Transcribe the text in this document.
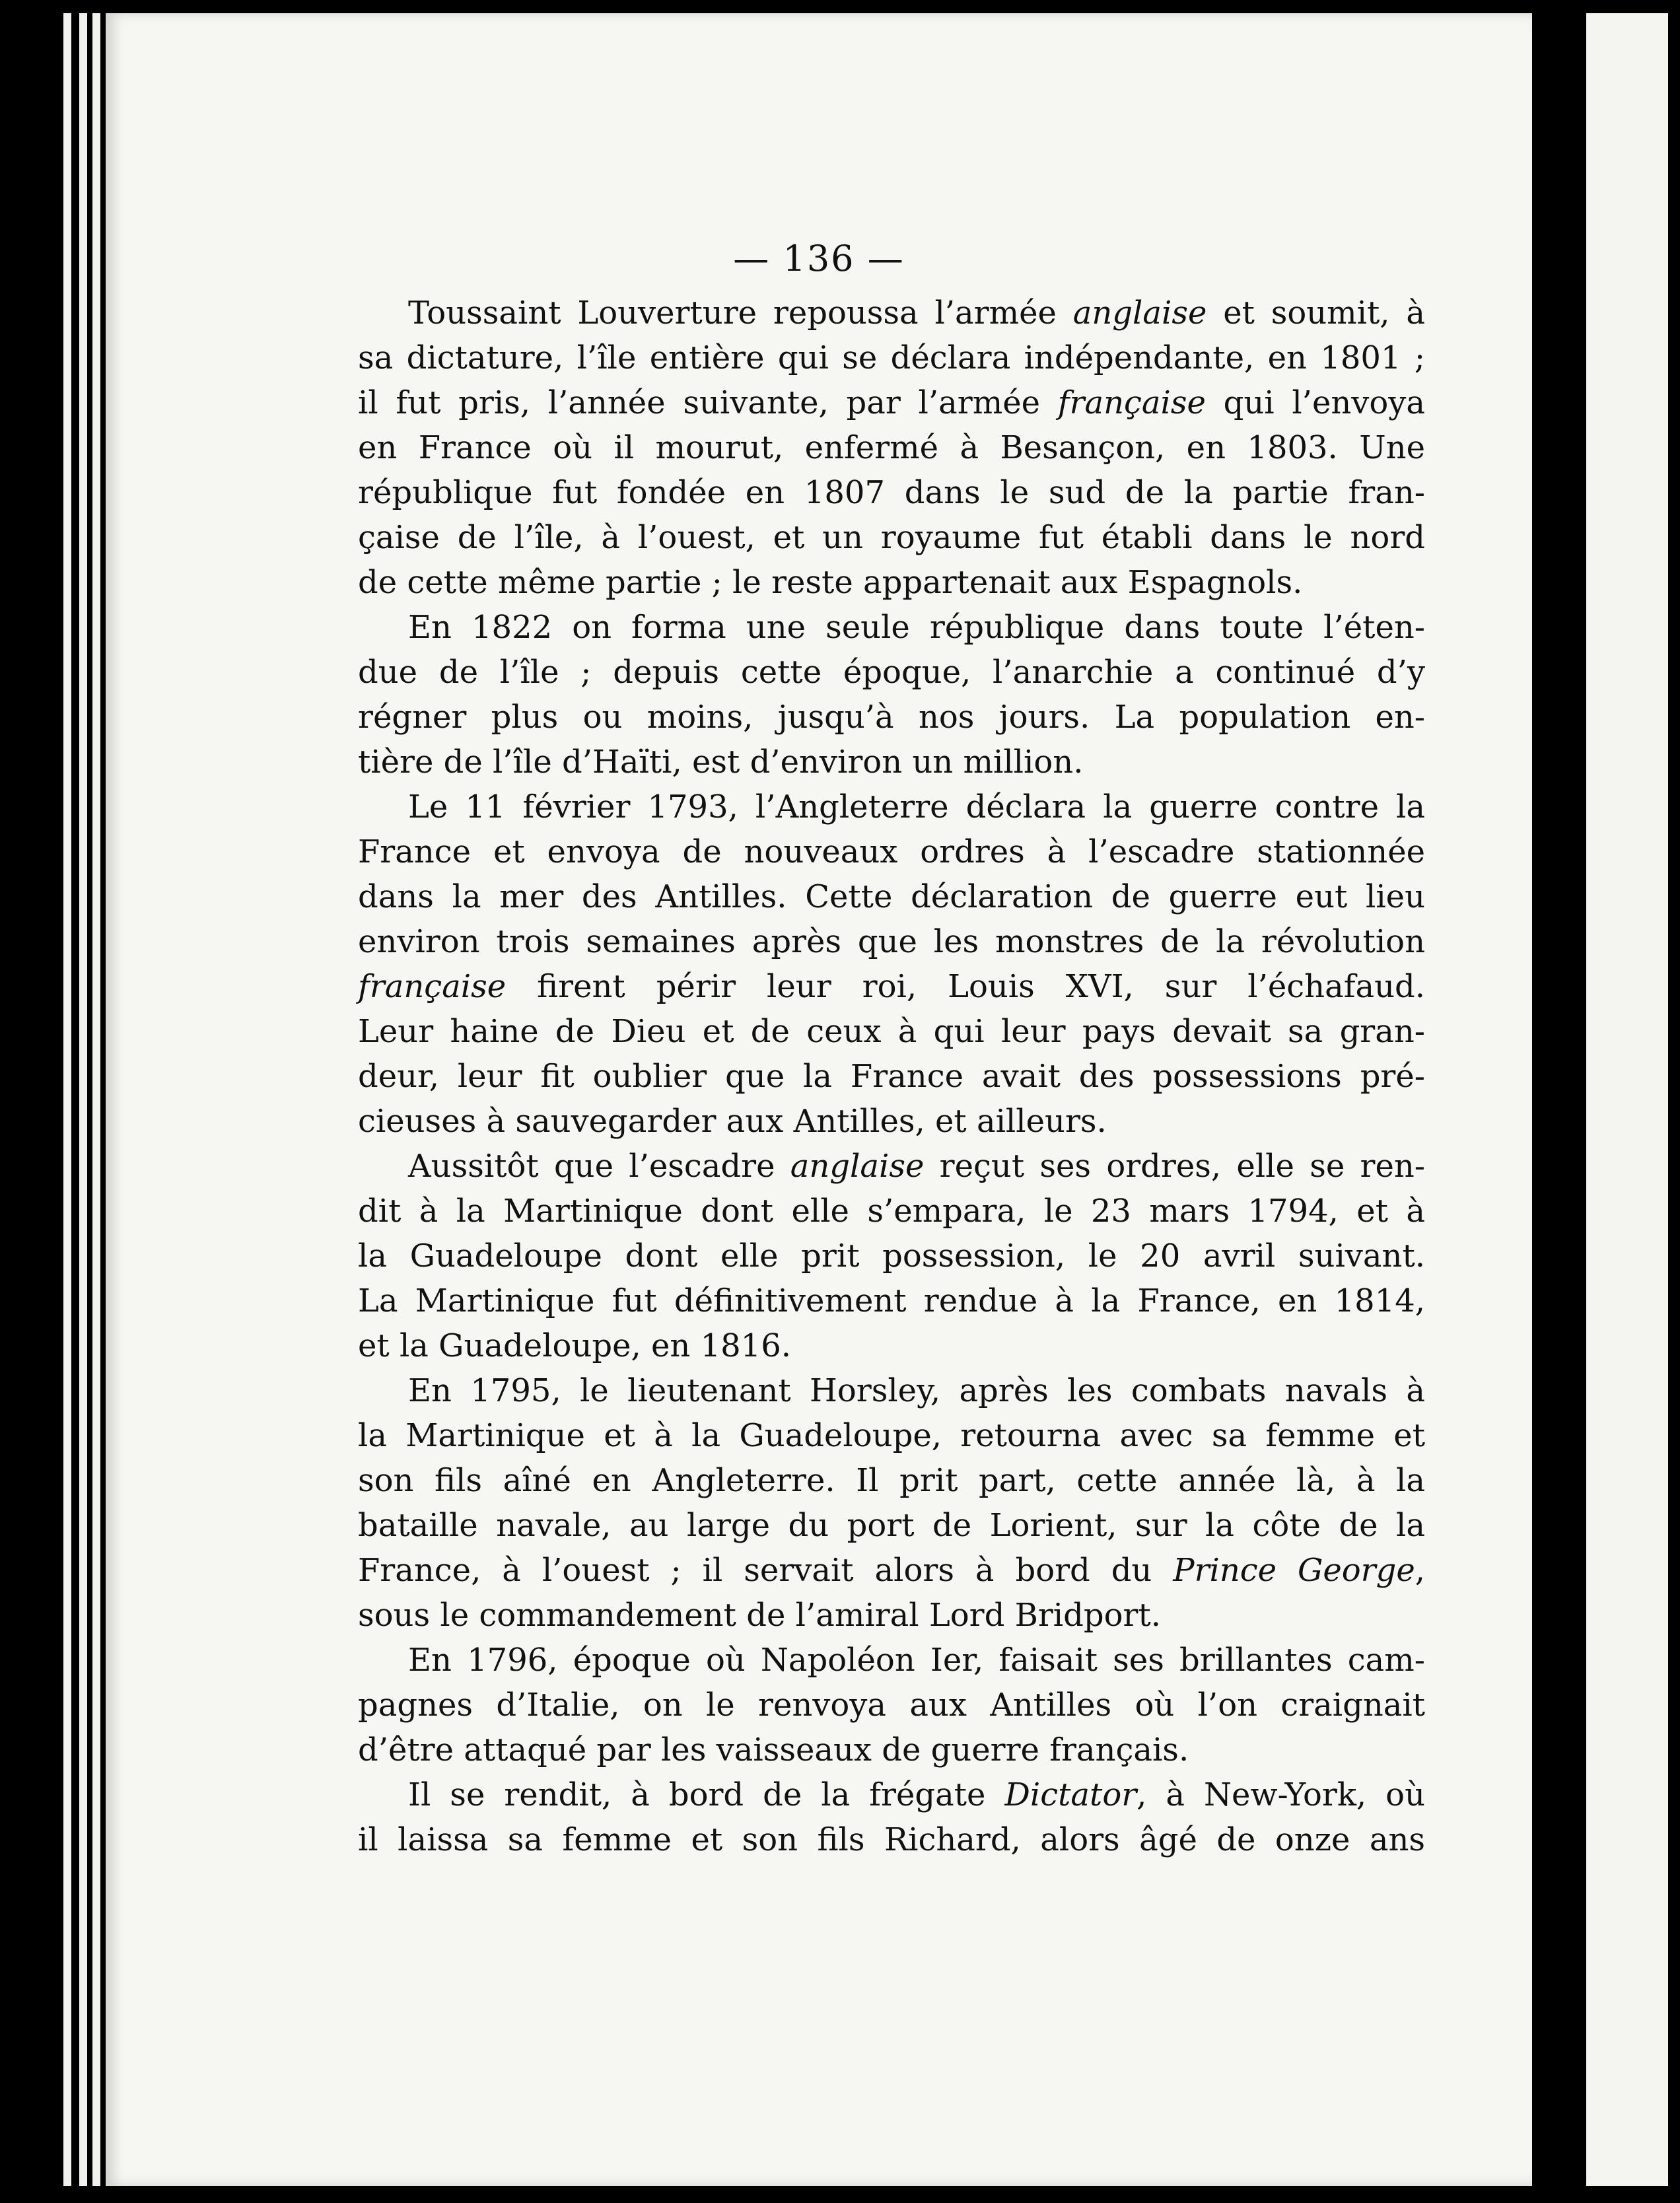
— 136 —
Toussaint Louverture repoussa l’armée anglaise et soumit, à
sa dictature, l’île entière qui se déclara indépendante, en 1801 ;
il fut pris, l’année suivante, par l’armée française qui l’envoya
en France où il mourut, enfermé à Besançon, en 1803. Une
république fut fondée en 1807 dans le sud de la partie fran-
çaise de l’île, à l’ouest, et un royaume fut établi dans le nord
de cette même partie ; le reste appartenait aux Espagnols.
En 1822 on forma une seule république dans toute l’éten-
due de l’île ; depuis cette époque, l’anarchie a continué d’y
régner plus ou moins, jusqu’à nos jours. La population en-
tière de l’île d’Haïti, est d’environ un million.
Le 11 février 1793, l’Angleterre déclara la guerre contre la
France et envoya de nouveaux ordres à l’escadre stationnée
dans la mer des Antilles. Cette déclaration de guerre eut lieu
environ trois semaines après que les monstres de la révolution
française firent périr leur roi, Louis XVI, sur l’échafaud.
Leur haine de Dieu et de ceux à qui leur pays devait sa gran-
deur, leur fit oublier que la France avait des possessions pré-
cieuses à sauvegarder aux Antilles, et ailleurs.
Aussitôt que l’escadre anglaise reçut ses ordres, elle se ren-
dit à la Martinique dont elle s’empara, le 23 mars 1794, et à
la Guadeloupe dont elle prit possession, le 20 avril suivant.
La Martinique fut définitivement rendue à la France, en 1814,
et la Guadeloupe, en 1816.
En 1795, le lieutenant Horsley, après les combats navals à
la Martinique et à la Guadeloupe, retourna avec sa femme et
son fils aîné en Angleterre. Il prit part, cette année là, à la
bataille navale, au large du port de Lorient, sur la côte de la
France, à l’ouest ; il servait alors à bord du Prince George,
sous le commandement de l’amiral Lord Bridport.
En 1796, époque où Napoléon Ier, faisait ses brillantes cam-
pagnes d’Italie, on le renvoya aux Antilles où l’on craignait
d’être attaqué par les vaisseaux de guerre français.
Il se rendit, à bord de la frégate Dictator, à New-York, où
il laissa sa femme et son fils Richard, alors âgé de onze ans
